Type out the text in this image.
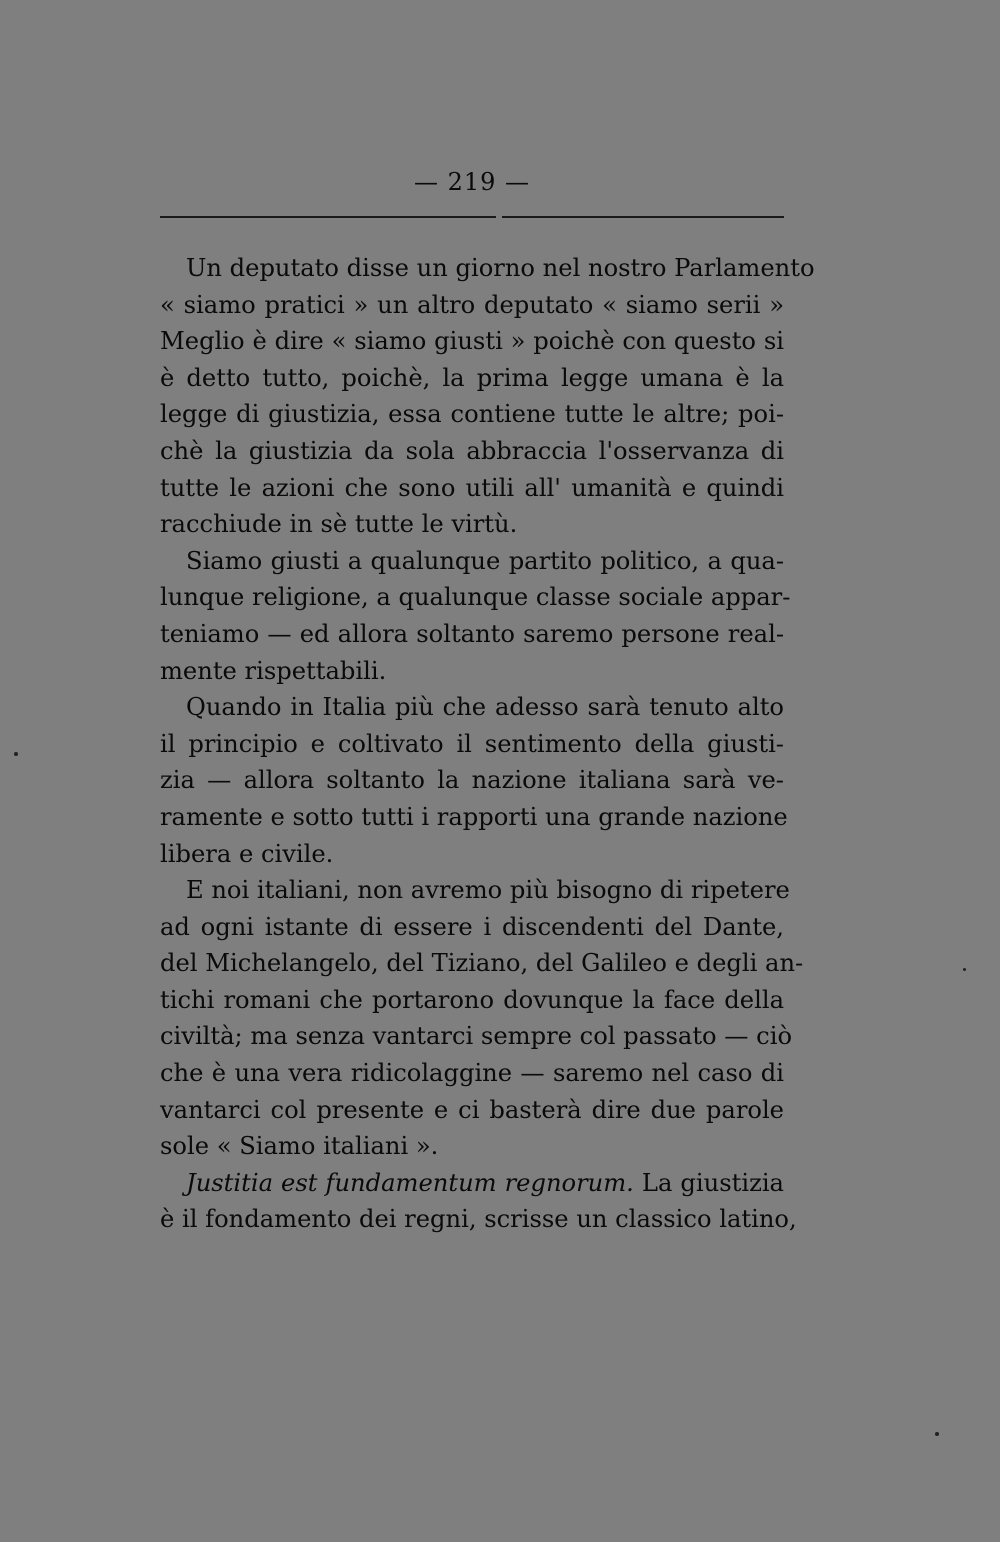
— 219 —
Un deputato disse un giorno nel nostro Parlamento
« siamo pratici » un altro deputato « siamo serii »
Meglio è dire « siamo giusti » poichè con questo si
è detto tutto, poichè, la prima legge umana è la
legge di giustizia, essa contiene tutte le altre; poi-
chè la giustizia da sola abbraccia l'osservanza di
tutte le azioni che sono utili all' umanità e quindi
racchiude in sè tutte le virtù.
Siamo giusti a qualunque partito politico, a qua-
lunque religione, a qualunque classe sociale appar-
teniamo — ed allora soltanto saremo persone real-
mente rispettabili.
Quando in Italia più che adesso sarà tenuto alto
il principio e coltivato il sentimento della giusti-
zia — allora soltanto la nazione italiana sarà ve-
ramente e sotto tutti i rapporti una grande nazione
libera e civile.
E noi italiani, non avremo più bisogno di ripetere
ad ogni istante di essere i discendenti del Dante,
del Michelangelo, del Tiziano, del Galileo e degli an-
tichi romani che portarono dovunque la face della
civiltà; ma senza vantarci sempre col passato — ciò
che è una vera ridicolaggine — saremo nel caso di
vantarci col presente e ci basterà dire due parole
sole « Siamo italiani ».
Justitia est fundamentum regnorum. La giustizia
è il fondamento dei regni, scrisse un classico latino,
